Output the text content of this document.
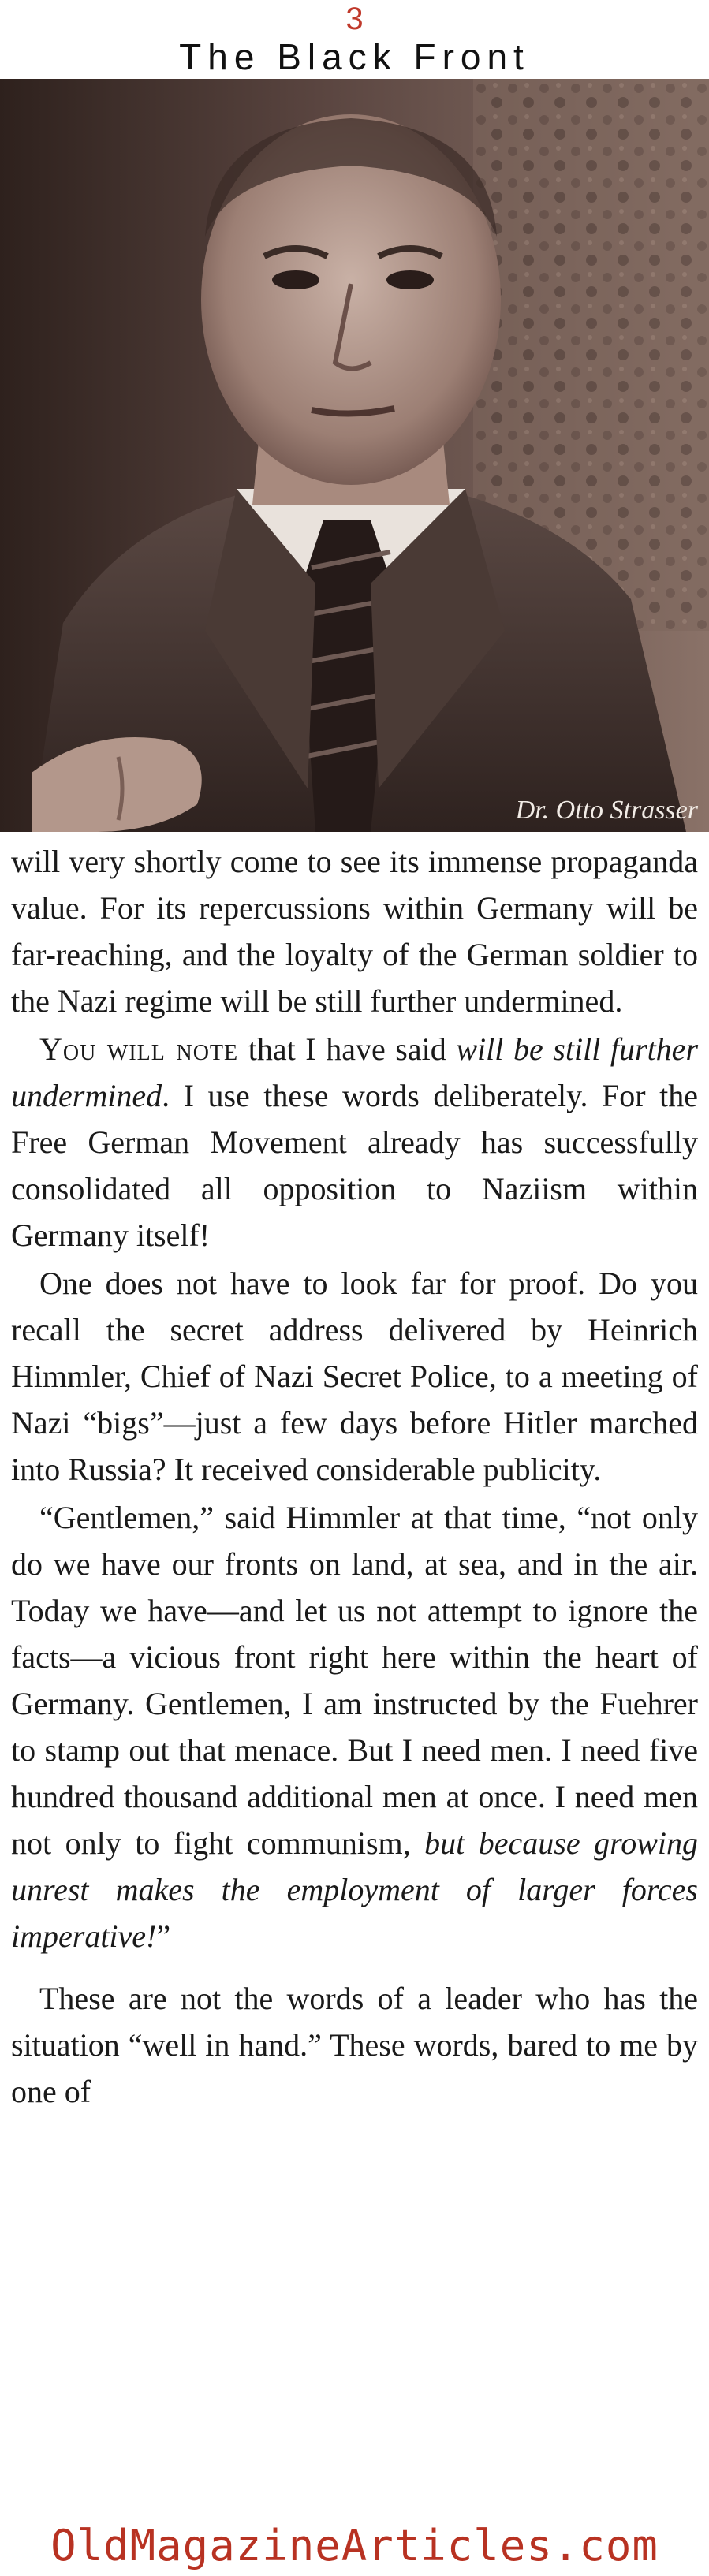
3
The Black Front
Dr. Otto Strasser

will very shortly come to see its immense propaganda value. For its repercussions within Germany will be far-reaching, and the loyalty of the German soldier to the Nazi regime will be still further undermined.

You will note that I have said will be still further undermined. I use these words deliberately. For the Free German Movement already has successfully consolidated all opposition to Naziism within Germany itself!

One does not have to look far for proof. Do you recall the secret address delivered by Heinrich Himmler, Chief of Nazi Secret Police, to a meeting of Nazi “bigs”—just a few days before Hitler marched into Russia? It received considerable publicity.

“Gentlemen,” said Himmler at that time, “not only do we have our fronts on land, at sea, and in the air. Today we have—and let us not attempt to ignore the facts—a vicious front right here within the heart of Germany. Gentlemen, I am instructed by the Fuehrer to stamp out that menace. But I need men. I need five hundred thousand additional men at once. I need men not only to fight communism, but because growing unrest makes the employment of larger forces imperative!”

These are not the words of a leader who has the situation “well in hand.” These words, bared to me by one of

OldMagazineArticles.com
